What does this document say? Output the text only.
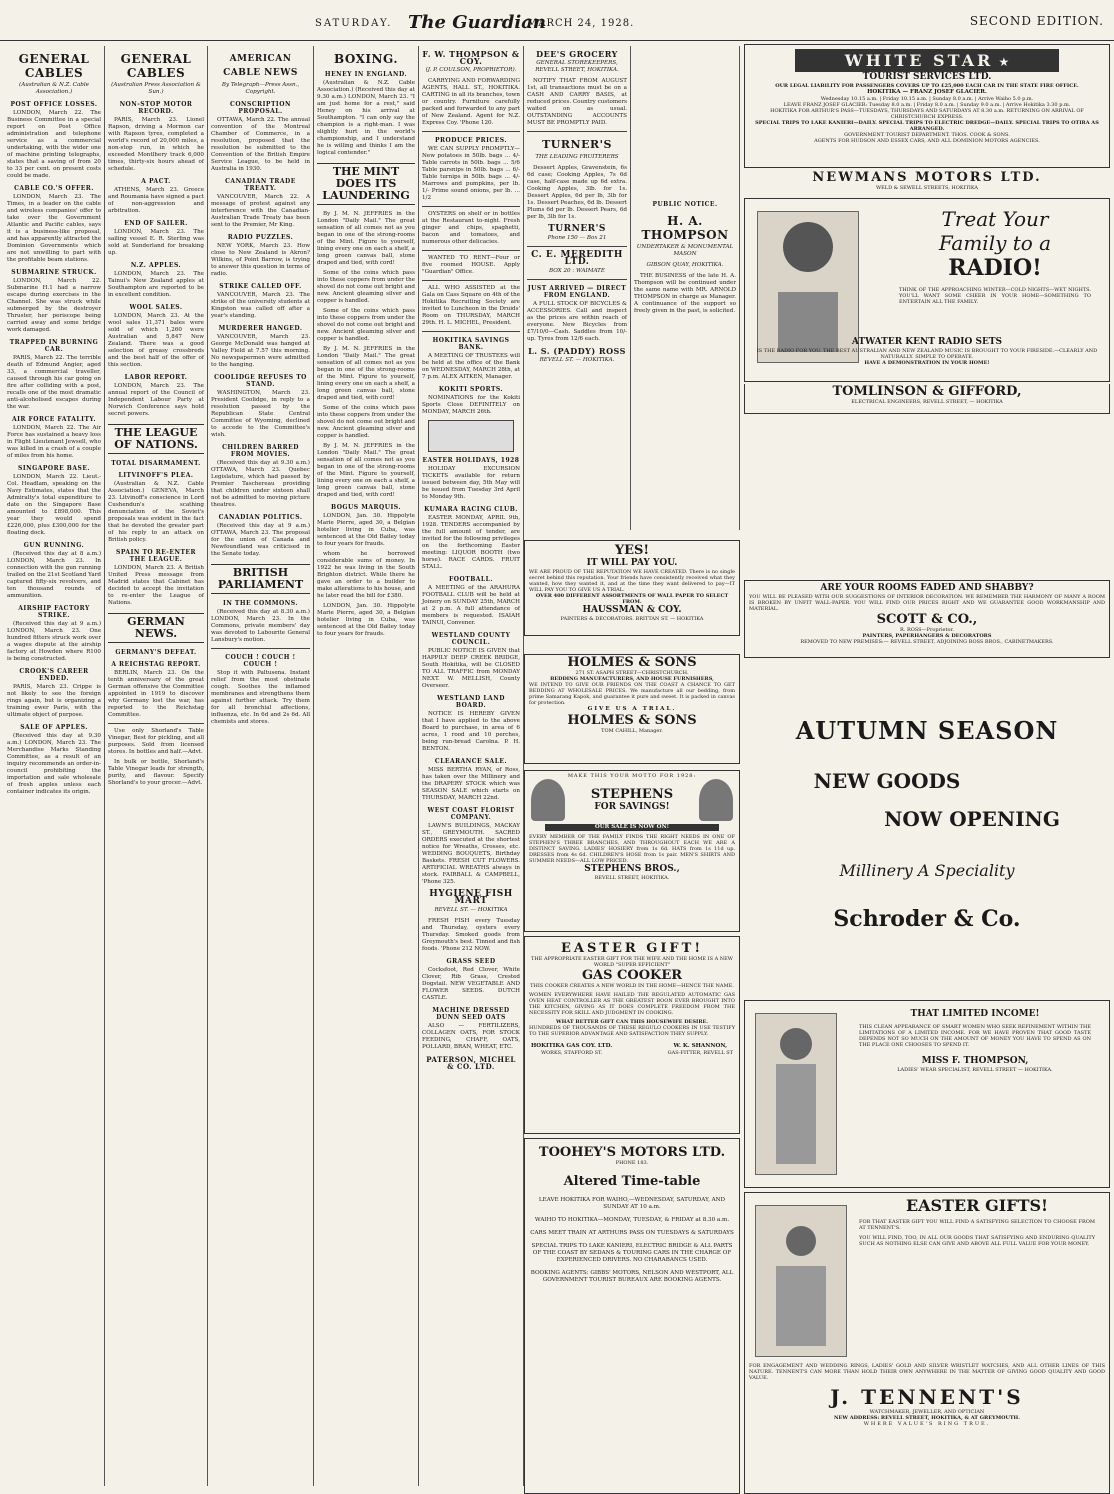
SATURDAY. The Guardian
MARCH 24, 1928.	SECOND EDITION.
GENERAL CABLES
(Australian & N.Z. Cable Association.)
POST OFFICE LOSSES.

LONDON, March 22. The Business Committee in a special report on Post Office administration and telephone service as a commercial undertaking, with the wider one of machine printing telegraphs, states that a saving of from 20 to 33 per cent. on present costs could be made.

CABLE CO.'S OFFER.

LONDON, March 23. The Times, in a leader on the cable and wireless companies' offer to take over the Government Atlantic and Pacific cables, says it is a business-like proposal, and has apparently attracted the Dominion Governments which are not unwilling to part with the profitable beam stations.

SUBMARINE STRUCK.

LONDON, March 22. Submarine H.1 had a narrow escape during exercises in the Channel. She was struck while submerged by the destroyer Thruster, her periscope being carried away and some bridge work damaged.

TRAPPED IN BURNING CAR.

PARIS, March 22. The terrible death of Edmund Angier, aged 33, a commercial traveller, caused through his car going on fire after colliding with a post, recalls one of the most dramatic anti-alcoholised escapes during the war.

AIR FORCE FATALITY.

LONDON, March 22. The Air Force has sustained a heavy loss in Flight Lieutenant Jewsell, who was killed in a crash of a couple of miles from his home.

SINGAPORE BASE.

LONDON, March 22. Lieut.-Col. Headlam, speaking on the Navy Estimates, states that the Admiralty's total expenditure to date on the Singapore Base amounted to £898,000. This year they would spend £226,000, plus £300,000 for the floating dock.

GUN RUNNING.

(Received this day at 8 a.m.) LONDON, March 23. In connection with the gun running trailed on the 21st Scotland Yard captured fifty-six revolvers, and ten thousand rounds of ammunition.

AIRSHIP FACTORY STRIKE.

(Received this day at 9 a.m.) LONDON, March 23. One hundred fitters struck work over a wages dispute at the airship factory at Howden where R100 is being constructed.

CROOK'S CAREER ENDED.

PARIS, March 23. Crippe is not likely to see the foreign rings again, but is organizing a training ewer Paris, with the ultimate object of purpose.

SALE OF APPLES.

(Received this day at 9.30 a.m.) LONDON, March 23. The Merchandise Marks Standing Committee, as a result of an inquiry recommends an order-in-council prohibiting the importation and sale wholesale of fresh apples unless each container indicates its origin.

GENERAL CABLES
(Australian Press Association & Sun.)
NON-STOP MOTOR RECORD.

PARIS, March 23. Lionel Rapson, driving a Mormon car with Rapson tyres, completed a world's record of 20,000 miles, a non-stop run, in which he exceeded Montlhery track 6,000 times, thirty-six hours ahead of schedule.

A PACT.

ATHENS, March 23. Greece and Roumania have signed a pact of non-aggression and arbitration.

END OF SAILER.

LONDON, March 23. The sailing vessel E. R. Sterling was sold at Sunderland for breaking up.

N.Z. APPLES.

LONDON, March 23. The Tainui's New Zealand apples at Southampton are reported to be in excellent condition.

WOOL SALES.

LONDON, March 23. At the wool sales 11,371 bales were sold of which 1,260 were Australian and 5,847 New Zealand. There was a good selection of greasy crossbreds and the best half of the offer of this section.

LABOR REPORT.

LONDON, March 23. The annual report of the Council of Independent Labour Party at Norwich Conference says hold secret powers.

THE LEAGUE OF NATIONS.
TOTAL DISARMAMENT.
LITVINOFF'S PLEA.

(Australian & N.Z. Cable Association.) GENEVA, March 23. Litvinoff's conscience in Lord Cushendun's scathing denunciation of the Soviet's proposals was evident in the fact that he devoted the greater part of his reply to an attack on British policy.

SPAIN TO RE-ENTER THE LEAGUE.

LONDON, March 23. A British United Press message from Madrid states that Cabinet has decided to accept the invitation to re-enter the League of Nations.

GERMAN NEWS.
GERMANY'S DEFEAT.
A REICHSTAG REPORT.

BERLIN, March 23. On the tenth anniversary of the great German offensive the Committee appointed in 1919 to discover why Germany lost the war, has reported to the Reichstag Committee.

Use only Shorland's Table Vinegar, Best for pickling, and all purposes. Sold from licensed stores. In bottles and half.—Advt.

In bulk or bottle, Shorland's Table Vinegar leads for strength, purity, and flavour. Specify Shorland's to your grocer.—Advt.

AMERICAN CABLE NEWS
By Telegraph—Press Assn., Copyright.
CONSCRIPTION PROPOSAL.

OTTAWA, March 22. The annual convention of the Montreal Chamber of Commerce, in a resolution, proposed that the resolution be submitted to the Convention of the British Empire Service League, to be held in Australia in 1930.

CANADIAN TRADE TREATY.

VANCOUVER, March 22. A message of protest against any interference with the Canadian-Australian Trade Treaty has been sent to the Premier, Mr King.

RADIO PUZZLES.

NEW YORK, March 23. How close to New Zealand is Akron? Wilkins, of Point Barrow, is trying to answer this question in terms of radio.

STRIKE CALLED OFF.

VANCOUVER, March 23. The strike of the university students at Kingston was called off after a year's standing.

MURDERER HANGED.

VANCOUVER, March 23. George McDonald was hanged at Valley Field at 7.57 this morning. No newspapermen were admitted to the hanging.

COOLIDGE REFUSES TO STAND.

WASHINGTON, March 23. President Coolidge, in reply to a resolution passed by the Republican State Central Committee of Wyoming, declined to accede to the Committee's wish.

CHILDREN BARRED FROM MOVIES.

(Received this day at 9.30 a.m.) OTTAWA, March 23. Quebec Legislature, which had passed by Premier Taschereau providing that children under sixteen shall not be admitted to moving picture theatres.

CANADIAN POLITICS.

(Received this day at 9 a.m.) OTTAWA, March 23. The proposal for the union of Canada and Newfoundland was criticised in the Senate today.

BRITISH PARLIAMENT
IN THE COMMONS.

(Received this day at 8.30 a.m.) LONDON, March 23. In the Commons, private members' day was devoted to Labourite General Lansbury's motion.

COUCH ! COUCH ! COUCH !

Stop it with Paltusena. Instant relief from the most obstinate cough. Soothes the inflamed membranes and strengthens them against further attack. Try them for all bronchial affections, influenza, etc. In 6d and 2s 6d. All chemists and stores.

BOXING.
HENEY IN ENGLAND.

(Australian & N.Z. Cable Association.) (Received this day at 9.30 a.m.) LONDON, March 23. "I am just home for a rest," said Heney on his arrival at Southampton. "I can only say the champion is a right-man. I was slightly hurt in the world's championship, and I understand he is willing and thinks I am the logical contender."

THE MINT DOES ITS LAUNDERING

By J. M. N. JEFFRIES in the London "Daily Mail." The great sensation of all comes not as you began in one of the strong-rooms of the Mint. Figure to yourself, lining every one on each a shelf, a long green canvas ball, stone draped and tied, with cord!

Some of the coins which pass into these coppers from under the shovel do not come out bright and new. Ancient gleaming silver and copper is handled.

Some of the coins which pass into these coppers from under the shovel do not come out bright and new. Ancient gleaming silver and copper is handled.

By J. M. N. JEFFRIES in the London "Daily Mail." The great sensation of all comes not as you began in one of the strong-rooms of the Mint. Figure to yourself, lining every one on each a shelf, a long green canvas ball, stone draped and tied, with cord!

Some of the coins which pass into these coppers from under the shovel do not come out bright and new. Ancient gleaming silver and copper is handled.

By J. M. N. JEFFRIES in the London "Daily Mail." The great sensation of all comes not as you began in one of the strong-rooms of the Mint. Figure to yourself, lining every one on each a shelf, a long green canvas ball, stone draped and tied, with cord!

BOGUS MARQUIS.

LONDON, Jan. 30. Hippolyte Marie Pierre, aged 30, a Belgian hotelier living in Cuba, was sentenced at the Old Bailey today to four years for frauds.

whom he borrowed considerable sums of money. In 1922 he was living in the South Brighton district. While there he gave an order to a builder to make alterations to his house, and he later read the bill for £380.

LONDON, Jan. 30. Hippolyte Marie Pierre, aged 30, a Belgian hotelier living in Cuba, was sentenced at the Old Bailey today to four years for frauds.

F. W. THOMPSON & COY.
(J. P. COULSON, PROPRIETOR).

CARRYING AND FORWARDING AGENTS, HALL ST., HOKITIKA. CARTING in all its branches, town or country. Furniture carefully packed and forwarded to any part of New Zealand. Agent for N.Z. Express Coy. 'Phone 120.

PRODUCE PRICES.

WE CAN SUPPLY PROMPTLY— New potatoes in 50lb. bags ... 4/- Table carrots in 50lb. bags ... 5/6 Table parsnips in 50lb. bags ... 6/- Table turnips in 50lb. bags ... 4/- Marrows and pumpkins, per lb. 1/- Prime sound onions, per lb. ... 1/2

OYSTERS on shelf or in bottles at the Restaurant to-night. Fresh ginger and chips, spaghetti, bacon and tomatoes, and numerous other delicacies.

WANTED TO RENT—Four or five roomed HOUSE. Apply "Guardian" Office.

ALL WHO ASSISTED at the Gala on Cass Square on 4th of the Hokitika Recruiting Society are invited to Luncheon in the Druids' Room on THURSDAY, MARCH 29th. H. L. MICHEL, President.

HOKITIKA SAVINGS BANK.

A MEETING OF TRUSTEES will be held at the office of the Bank on WEDNESDAY, MARCH 28th, at 7 p.m. ALEX AITKEN, Manager.

KOKITI SPORTS.

NOMINATIONS for the Kokiti Sports Close DEFINITELY on MONDAY, MARCH 26th.

EASTER HOLIDAYS, 1928

HOLIDAY EXCURSION TICKETS available for return issued between day, 5th May will be issued from Tuesday 3rd April to Monday 9th.

KUMARA RACING CLUB.

EASTER MONDAY, APRIL 9th, 1928. TENDERS accompanied by the full amount of tender, are invited for the following privileges on the forthcoming Easter meeting: LIQUOR BOOTH (two horse). RACE CARDS. FRUIT STALL.

FOOTBALL.

A MEETING of the ARAHURA FOOTBALL CLUB will be held at Joinery on SUNDAY 25th, MARCH at 2 p.m. A full attendance of members is requested. ISAIAH TAINUI, Convener.

WESTLAND COUNTY COUNCIL.

PUBLIC NOTICE IS GIVEN that HAPPILY DEEP CREEK BRIDGE, South Hokitika, will be CLOSED TO ALL TRAFFIC from MONDAY NEXT. W. MELLISH, County Overseer.

WESTLAND LAND BOARD.

NOTICE IS HEREBY GIVEN that I have applied to the above Board to purchase, in area of 6 acres, 1 rood and 10 perches, being run-bread Carolna. P. H. BENTON.

CLEARANCE SALE.

MISS BERTHA RYAN, of Ross, has taken over the Millinery and the DRAPERY STOCK which was SEASON SALE which starts on THURSDAY, MARCH 22nd.

WEST COAST FLORIST COMPANY.

LAWN'S BUILDINGS, MACKAY ST., GREYMOUTH. SACRED ORDERS executed at the shortest notice for Wreaths, Crosses, etc. WEDDING BOUQUETS, Birthday Baskets. FRESH CUT FLOWERS. ARTIFICIAL WREATHS always in stock. FAIRBALL & CAMPBELL, 'Phone 325.

HYGIENE FISH MART
REVELL ST. — HOKITIKA

FRESH FISH every Tuesday and Thursday, oysters every Thursday. Smoked goods from Greymouth's best. Tinned and fish foods. 'Phone 212 NOW.

GRASS SEED

Cocksfoot, Red Clover, White Clover, Rib Grass, Crested Dogstail. NEW VEGETABLE AND FLOWER SEEDS. DUTCH CASTLE.

MACHINE DRESSED DUNN SEED OATS

ALSO — FERTILIZERS, COLLAGEN OATS, FOR STOCK FEEDING, CHAFF, OATS, POLLARD, BRAN, WHEAT, ETC.

PATERSON, MICHEL & CO. LTD.
DEE'S GROCERY
GENERAL STOREKEEPERS, REVELL STREET, HOKITIKA.

NOTIFY THAT FROM AUGUST 1st, all transactions must be on a CASH AND CARRY BASIS, at reduced prices. Country customers waited on as usual. OUTSTANDING ACCOUNTS MUST BE PROMPTLY PAID.

TURNER'S
THE LEADING FRUITERERS

Dessert Apples, Gravenstein, 6s 6d case; Cooking Apples, 7s 6d case, half-case made up 6d extra. Cooking Apples, 3lb. for 1s. Dessert Apples, 6d per lb, 3lb for 1s. Dessert Peaches, 6d lb. Dessert Plums 6d per lb. Dessert Pears, 6d per lb, 3lb for 1s.

TURNER'S
Phone 150 — Box 21
C. E. MEREDITH LTD.
BOX 20 : WAIMATE
JUST ARRIVED — DIRECT FROM ENGLAND.

A FULL STOCK OF BICYCLES & ACCESSORIES. Call and inspect as the prices are within reach of everyone. New Bicycles from £7/10/0—Cash. Saddles from 10/- up. Tyres from 12/6 each.

L. S. (PADDY) ROSS
REVELL ST. — HOKITIKA.
PUBLIC NOTICE.
H. A. THOMPSON
UNDERTAKER & MONUMENTAL MASON
GIBSON QUAY, HOKITIKA.

THE BUSINESS of the late H. A. Thompson will be continued under the same name with MR. ARNOLD THOMPSON in charge as Manager. A continuance of the support so freely given in the past, is solicited.

YES!
IT WILL PAY YOU.
WE ARE PROUD OF THE REPUTATION WE HAVE CREATED. There is no single secret behind this reputation. Your friends have consistently received what they wanted, how they wanted it, and at the time they want delivered to pay—IT WILL PAY YOU TO GIVE US A TRIAL.
OVER 400 DIFFERENT ASSORTMENTS OF WALL PAPER TO SELECT FROM.
HAUSSMAN & COY.
PAINTERS & DECORATORS. BRITTAN ST. — HOKITIKA
HOLMES & SONS
271 ST. ASAPH STREET—CHRISTCHURCH.
BEDDING MANUFACTURERS, AND HOUSE FURNISHERS,
WE INTEND TO GIVE OUR FRIENDS ON THE COAST A CHANCE TO GET BEDDING AT WHOLESALE PRICES. We manufacture all our bedding, from prime Samarang Kapok, and guarantee it pure and sweet. It is packed in canvas for protection.
GIVE US A TRIAL.
HOLMES & SONS
TOM CAHILL, Manager.
MAKE THIS YOUR MOTTO FOR 1928:
STEPHENS
FOR SAVINGS!
OUR SALE IS NOW ON!
EVERY MEMBER OF THE FAMILY FINDS THE RIGHT NEEDS IN ONE OF STEPHEN'S THREE BRANCHES, AND THROUGHOUT EACH WE ARE A DISTINCT SAVING. LADIES' HOSIERY from 1s 6d. HATS from 1s 11d up. DRESSES from 4s 6d. CHILDREN'S HOSE from 1s pair. MEN'S SHIRTS AND SUMMER NEEDS—ALL LOW PRICED.
STEPHENS BROS.,
REVELL STREET, HOKITIKA.
EASTER GIFT!
THE APPROPRIATE EASTER GIFT FOR THE WIFE AND THE HOME IS A NEW WORLD "SUPER EFFICIENT"
GAS COOKER
THIS COOKER CREATES A NEW WORLD IN THE HOME—HENCE THE NAME.
WOMEN EVERYWHERE HAVE HAILED THE REGULATED AUTOMATIC GAS OVEN HEAT CONTROLLER AS THE GREATEST BOON EVER BROUGHT INTO THE KITCHEN, GIVING AS IT DOES COMPLETE FREEDOM FROM THE NECESSITY FOR SKILL AND JUDGMENT IN COOKING.
WHAT BETTER GIFT CAN THIS HOUSEWIFE DESIRE.
HUNDREDS OF THOUSANDS OF THESE REGULO COOKERS IN USE TESTIFY TO THE SUPERIOR ADVANTAGE AND SATISFACTION THEY SUPPLY.
HOKITIKA GAS COY. LTD.
WORKS, STAFFORD ST.
W. K. SHANNON,
GAS-FITTER, REVELL ST
TOOHEY'S MOTORS LTD.
PHONE 183.
Altered Time-table
LEAVE HOKITIKA FOR WAIHO,—WEDNESDAY, SATURDAY, AND SUNDAY AT 10 a.m.
WAIHO TO HOKITIKA—MONDAY, TUESDAY, & FRIDAY at 8.30 a.m.
CARS MEET TRAIN AT ARTHURS PASS ON TUESDAYS & SATURDAYS
SPECIAL TRIPS TO LAKE KANIERI, ELECTRIC BRIDGE & ALL PARTS OF THE COAST BY SEDANS & TOURING CARS IN THE CHARGE OF EXPERIENCED DRIVERS. NO CHARABANCS USED.
BOOKING AGENTS: GIBBS' MOTORS, NELSON AND WESTPORT, ALL GOVERNMENT TOURIST BUREAUX ARE BOOKING AGENTS.
WHITE STAR ★
TOURIST SERVICES LTD.
OUR LEGAL LIABILITY FOR PASSENGERS COVERS UP TO £25,000 EACH CAR IN THE STATE FIRE OFFICE.
HOKITIKA — FRANZ JOSEF GLACIER.
Wednesday 10.15 a.m. | Friday 10.15 a.m. | Sunday 8.0 a.m. | Arrive Waiho 5.0 p.m.
LEAVE FRANZ JOSEF GLACIER: Tuesday 8.0 a.m. | Friday 8.0 a.m. | Sunday 9.0 a.m. | Arrive Hokitika 3.30 p.m.
HOKITIKA FOR ARTHUR'S PASS—TUESDAYS, THURSDAYS AND SATURDAYS AT 8.30 a.m. RETURNING ON ARRIVAL OF CHRISTCHURCH EXPRESS.
SPECIAL TRIPS TO LAKE KANIERI—DAILY. SPECIAL TRIPS TO ELECTRIC DREDGE—DAILY. SPECIAL TRIPS TO OTIRA AS ARRANGED.
GOVERNMENT TOURIST DEPARTMENT. THOS. COOK & SONS.
AGENTS FOR HUDSON AND ESSEX CARS, AND ALL DOMINION MOTORS AGENCIES.
NEWMANS MOTORS LTD.
WELD & SEWELL STREETS, HOKITIKA
Treat Your
Family to a
RADIO!
THINK OF THE APPROACHING WINTER—COLD NIGHTS—WET NIGHTS. YOU'LL WANT SOME CHEER IN YOUR HOME—SOMETHING TO ENTERTAIN ALL THE FAMILY.
ATWATER KENT RADIO SETS
IS THE RADIO FOR YOU. THE BEST AUSTRALIAN AND NEW ZEALAND MUSIC IS BROUGHT TO YOUR FIRESIDE.—CLEARLY AND NATURALLY. SIMPLE TO OPERATE.
HAVE A DEMONSTRATION IN YOUR HOME!
TOMLINSON & GIFFORD,
ELECTRICAL ENGINEERS, REVELL STREET, — HOKITIKA
ARE YOUR ROOMS FADED AND SHABBY?
YOU WILL BE PLEASED WITH OUR SUGGESTIONS OF INTERIOR DECORATION. WE REMEMBER THE HARMONY OF MANY A ROOM IS BROKEN BY UNFIT WALL-PAPER. YOU WILL FIND OUR PRICES RIGHT AND WE GUARANTEE GOOD WORKMANSHIP AND MATERIAL.
SCOTT & CO.,
R. ROSS—Proprietor.
PAINTERS, PAPERHANGERS & DECORATORS
REMOVED TO NEW PREMISES:— REVELL STREET, ADJOINING ROSS BROS., CABINETMAKERS.
AUTUMN SEASON
NEW GOODS
NOW OPENING
Millinery A Speciality
Schroder & Co.
THAT LIMITED INCOME!
THIS CLEAN APPEARANCE OF SMART WOMEN WHO SEEK REFINEMENT WITHIN THE LIMITATIONS OF A LIMITED INCOME. FOR WE HAVE PROVEN THAT GOOD TASTE DEPENDS NOT SO MUCH ON THE AMOUNT OF MONEY YOU HAVE TO SPEND AS ON THE PLACE ONE CHOOSES TO SPEND IT.
MISS F. THOMPSON,
LADIES' WEAR SPECIALIST, REVELL STREET — HOKITIKA.
EASTER GIFTS!
FOR THAT EASTER GIFT YOU WILL FIND A SATISFYING SELECTION TO CHOOSE FROM AT TENNENT'S.
YOU WILL FIND, TOO, IN ALL OUR GOODS THAT SATISFYING AND ENDURING QUALITY SUCH AS NOTHING ELSE CAN GIVE AND ABOVE ALL FULL VALUE FOR YOUR MONEY.
FOR ENGAGEMENT AND WEDDING RINGS, LADIES' GOLD AND SILVER WRISTLET WATCHES, AND ALL OTHER LINES OF THIS NATURE. TENNENT'S CAN MORE THAN HOLD THEIR OWN ANYWHERE IN THE MATTER OF GIVING GOOD QUALITY AND GOOD VALUE.
J. TENNENT'S
WATCHMAKER, JEWELLER, AND OPTICIAN
NEW ADDRESS: REVELL STREET, HOKITIKA, & AT GREYMOUTH.
WHERE VALUE'S RING TRUE.
